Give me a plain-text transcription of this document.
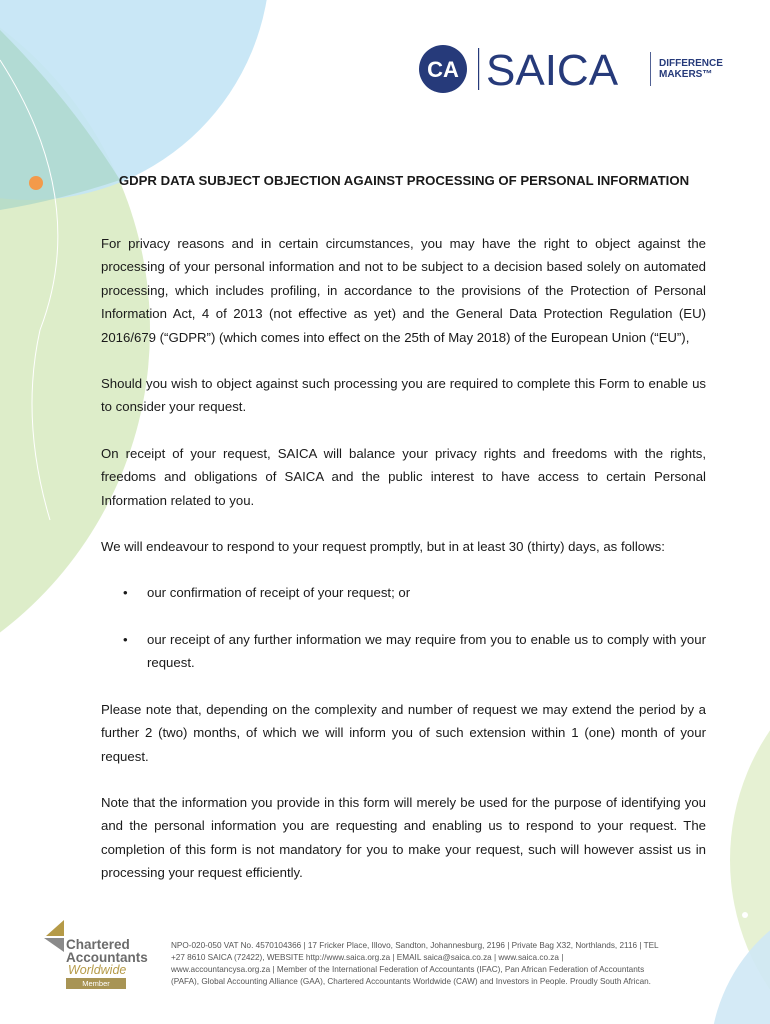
CA SAICA	DIFFERENCE
MAKERS™
GDPR DATA SUBJECT OBJECTION AGAINST PROCESSING OF PERSONAL INFORMATION

For privacy reasons and in certain circumstances, you may have the right to object against the processing of your personal information and not to be subject to a decision based solely on automated processing, which includes profiling, in accordance to the provisions of the Protection of Personal Information Act, 4 of 2013 (not effective as yet) and the General Data Protection Regulation (EU) 2016/679 (“GDPR”) (which comes into effect on the 25th of May 2018) of the European Union (“EU”),

Should you wish to object against such processing you are required to complete this Form to enable us to consider your request.

On receipt of your request, SAICA will balance your privacy rights and freedoms with the rights, freedoms and obligations of SAICA and the public interest to have access to certain Personal Information related to you.

We will endeavour to respond to your request promptly, but in at least 30 (thirty) days, as follows:

• our confirmation of receipt of your request; or
• our receipt of any further information we may require from you to enable us to comply with your request.

Please note that, depending on the complexity and number of request we may extend the period by a further 2 (two) months, of which we will inform you of such extension within 1 (one) month of your request.

Note that the information you provide in this form will merely be used for the purpose of identifying you and the personal information you are requesting and enabling us to respond to your request. The completion of this form is not mandatory for you to make your request, such will however assist us in processing your request efficiently.

Chartered
Accountants
Worldwide
Member
NPO-020-050 VAT No. 4570104366 | 17 Fricker Place, Illovo, Sandton, Johannesburg, 2196 | Private Bag X32, Northlands, 2116 | TEL +27 8610 SAICA (72422), WEBSITE http://www.saica.org.za | EMAIL saica@saica.co.za | www.saica.co.za | www.accountancysa.org.za | Member of the International Federation of Accountants (IFAC), Pan African Federation of Accountants (PAFA), Global Accounting Alliance (GAA), Chartered Accountants Worldwide (CAW) and Investors in People. Proudly South African.
